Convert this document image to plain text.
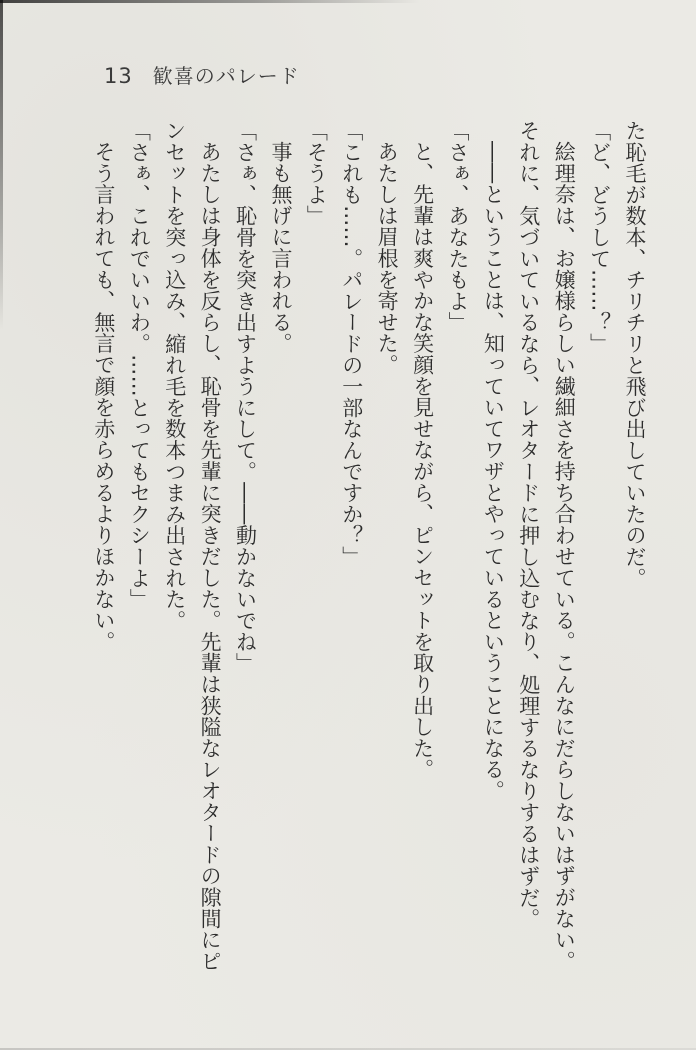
13 歓喜のパレード

た恥毛が数本、チリチリと飛び出していたのだ。

「ど、どうして……？」

絵理奈は、お嬢様らしい繊細さを持ち合わせている。こんなにだらしないはずがない。

それに、気づいているなら、レオタードに押し込むなり、処理するなりするはずだ。

――ということは、知っていてワザとやっているということになる。

「さぁ、あなたもよ」

と、先輩は爽やかな笑顔を見せながら、ピンセットを取り出した。

あたしは眉根を寄せた。

「これも……。パレードの一部なんですか？」

「そうよ」

事も無げに言われる。

「さぁ、恥骨を突き出すようにして。――動かないでね」

あたしは身体を反らし、恥骨を先輩に突きだした。先輩は狭隘なレオタードの隙間にピ

ンセットを突っ込み、縮れ毛を数本つまみ出された。

「さぁ、これでいいわ。……とってもセクシーよ」

そう言われても、無言で顔を赤らめるよりほかない。
